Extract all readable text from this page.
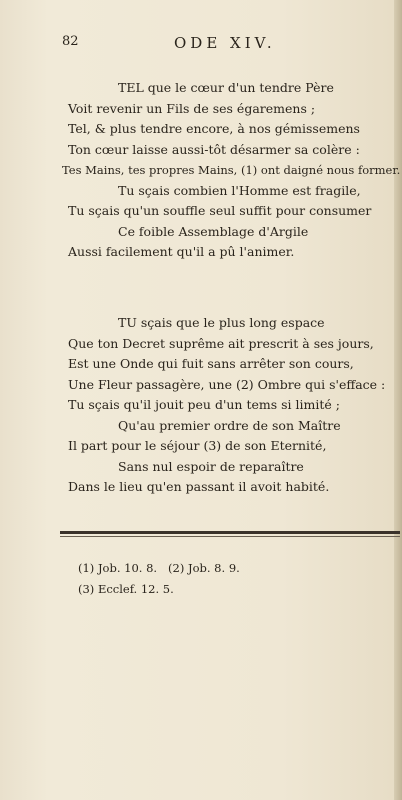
82	ODE XIV.
TEL que le cœur d'un tendre Père
Voit revenir un Fils de ses égaremens ;
Tel, & plus tendre encore, à nos gémissemens
Ton cœur laisse aussi-tôt désarmer sa colère :
Tes Mains, tes propres Mains, (1) ont daigné nous former.
Tu sçais combien l'Homme est fragile,
Tu sçais qu'un souffle seul suffit pour consumer
Ce foible Assemblage d'Argile
Aussi facilement qu'il a pû l'animer.
TU sçais que le plus long espace
Que ton Decret suprême ait prescrit à ses jours,
Est une Onde qui fuit sans arrêter son cours,
Une Fleur passagère, une (2) Ombre qui s'efface :
Tu sçais qu'il jouit peu d'un tems si limité ;
Qu'au premier ordre de son Maître
Il part pour le séjour (3) de son Eternité,
Sans nul espoir de reparaître
Dans le lieu qu'en passant il avoit habité.
(1) Job. 10. 8.   (2) Job. 8. 9.
(3) Ecclef. 12. 5.
